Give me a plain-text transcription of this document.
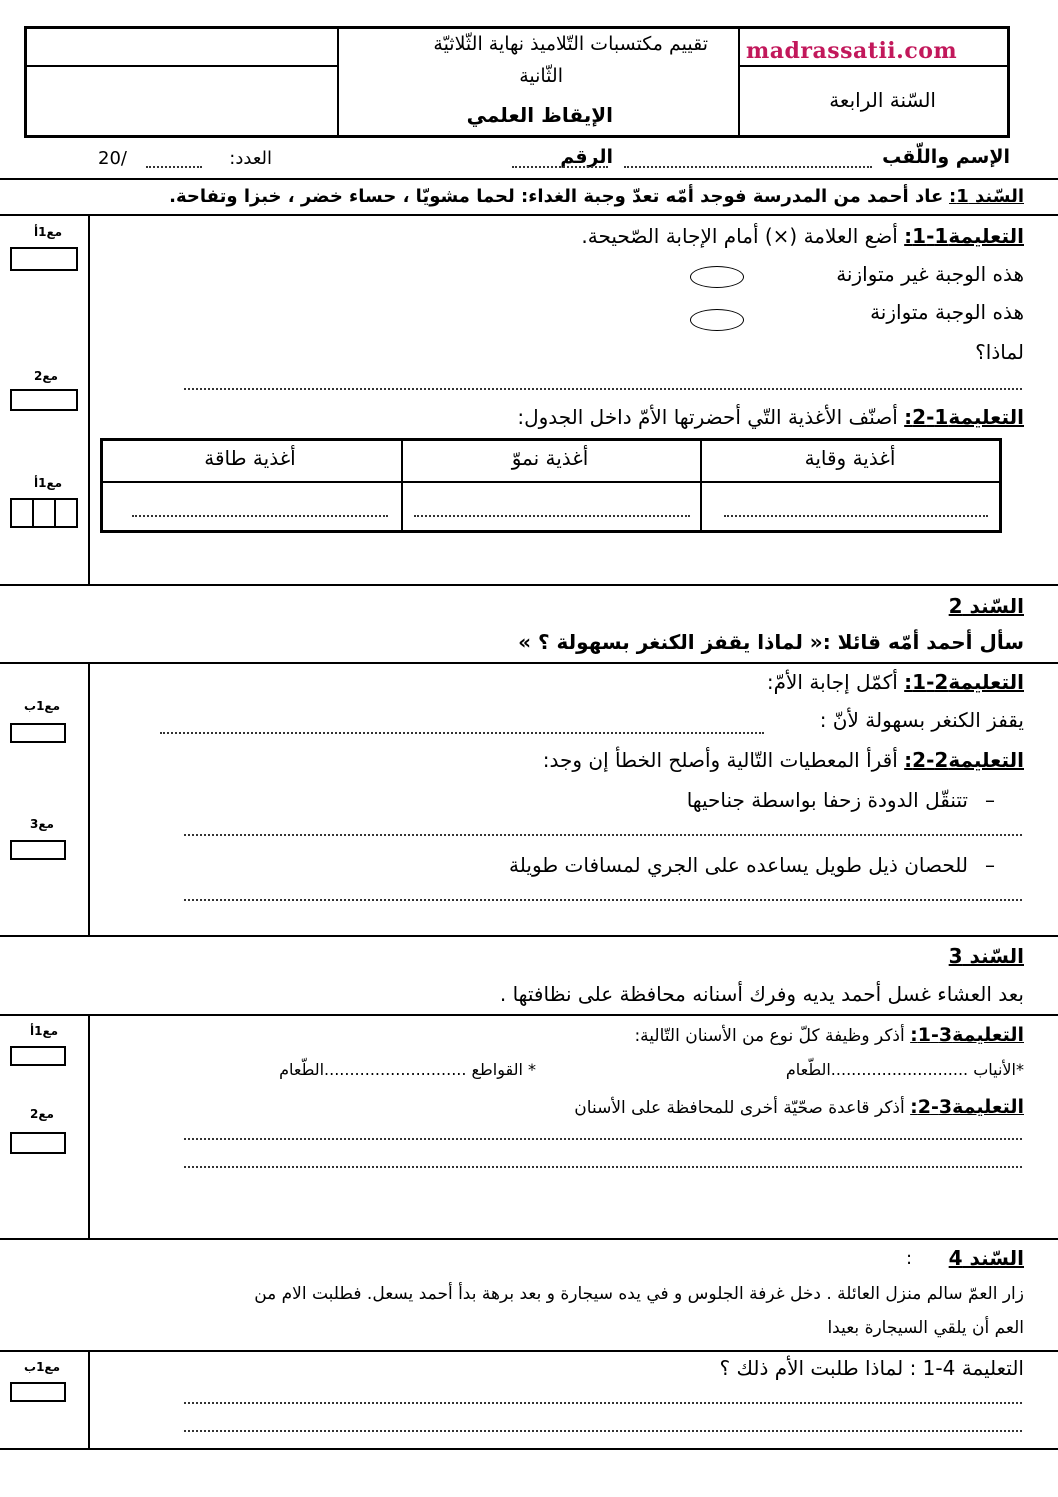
madrassatii.com
السّنة الرابعة
تقييم مكتسبات التّلاميذ نهاية الثّلاثيّة
الثّانية
الإيقاظ العلمي
الإسم واللّقب
الرقم
العدد:
20/
السّند 1: عاد أحمد من المدرسة فوجد أمّه تعدّ وجبة الغداء: لحما مشويّا ، حساء خضر ، خبزا وتفاحة.
مع1أ
مع2
مع1أ
التعليمة1-1: أضع العلامة (×) أمام الإجابة الصّحيحة.
هذه الوجبة غير متوازنة
هذه الوجبة متوازنة
لماذا؟
التعليمة1-2: أصنّف الأغذية التّي أحضرتها الأمّ داخل الجدول:
أغذية وقاية
أغذية نموّ
أغذية طاقة
السّند 2
سأل أحمد أمّه قائلا :« لماذا يقفز الكنغر بسهولة ؟ »
مع1ب
مع3
التعليمة2-1: أكمّل إجابة الأمّ:
يقفز الكنغر بسهولة لأنّ :
التعليمة2-2: أقرأ المعطيات التّالية وأصلح الخطأ إن وجد:
–
تتنقّل الدودة زحفا بواسطة جناحيها
–
للحصان ذيل طويل يساعده على الجري لمسافات طويلة
السّند 3
بعد العشاء غسل أحمد يديه وفرك أسنانه محافظة على نظافتها .
مع1أ
مع2
التعليمة3-1: أذكر وظيفة كلّ نوع من الأسنان التّالية:
*الأنياب ...........................الطّعام
* القواطع ............................الطّعام
التعليمة3-2: أذكر قاعدة صحّيّة أخرى للمحافظة على الأسنان
السّند 4
:
زار العمّ سالم منزل العائلة . دخل غرفة الجلوس و في يده سيجارة و بعد برهة بدأ أحمد يسعل. فطلبت الام من
العم أن يلقي السيجارة بعيدا
مع1ب	التعليمة 4-1 : لماذا طلبت الأم ذلك ؟
